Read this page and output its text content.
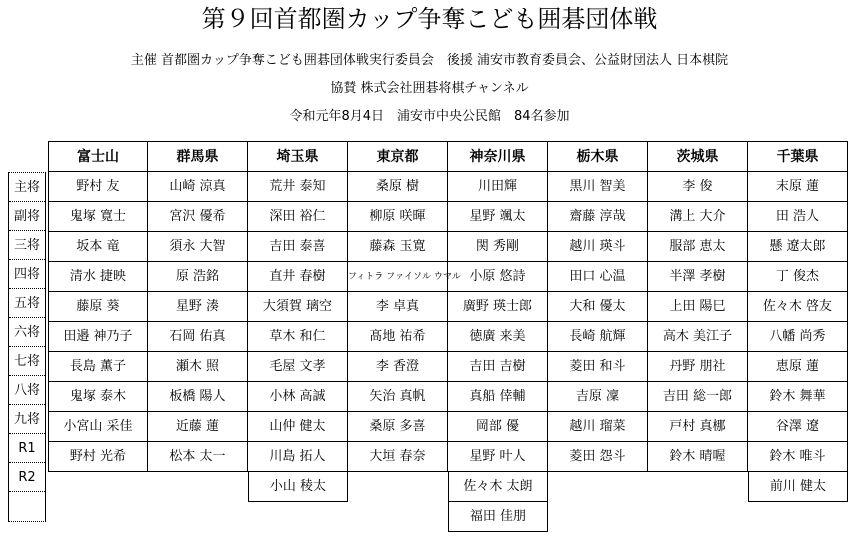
第９回首都圏カップ争奪こども囲碁団体戦
主催 首都圏カップ争奪こども囲碁団体戦実行委員会　後援 浦安市教育委員会、公益財団法人 日本棋院
協賛 株式会社囲碁将棋チャンネル
令和元年8月4日　浦安市中央公民館　84名参加
主将
副将
三将
四将
五将
六将
七将
八将
九将
R1
R2
富士山
野村 友
鬼塚 寛士
坂本 竜
清水 捷映
藤原 葵
田邉 神乃子
長島 薫子
鬼塚 泰木
小宮山 采佳
野村 光希
群馬県
山崎 涼真
宮沢 優希
須永 大智
原 浩銘
星野 湊
石岡 佑真
瀬木 照
板橋 陽人
近藤 蓮
松本 太一
埼玉県
荒井 泰知
深田 裕仁
吉田 泰喜
直井 春樹
大須賀 璃空
草木 和仁
毛屋 文孝
小林 高誠
山仲 健太
川島 拓人
小山 稜太
東京都
桑原 樹
柳原 咲暉
藤森 玉寛
フィトラ ファイソル ウマル
李 卓真
髙地 祐希
李 香澄
矢治 真帆
桑原 多喜
大垣 春奈
神奈川県
川田輝
星野 颯太
関 秀剛
小原 悠詩
廣野 瑛士郎
徳廣 来美
吉田 吉樹
真船 倖輔
岡部 優
星野 叶人
佐々木 太朗
福田 佳朋
栃木県
黒川 智美
齋藤 淳哉
越川 瑛斗
田口 心温
大和 優太
長崎 航輝
菱田 和斗
吉原 凜
越川 瑠菜
菱田 怨斗
茨城県
李 俊
溝上 大介
服部 恵太
半澤 孝樹
上田 陽巳
高木 美江子
丹野 朋社
吉田 総一郎
戸村 真梛
鈴木 晴喔
千葉県
末原 蓮
田 浩人
懸 遼太郎
丁 俊杰
佐々木 啓友
八幡 尚秀
恵原 蓮
鈴木 舞華
谷澤 遼
鈴木 唯斗
前川 健太
